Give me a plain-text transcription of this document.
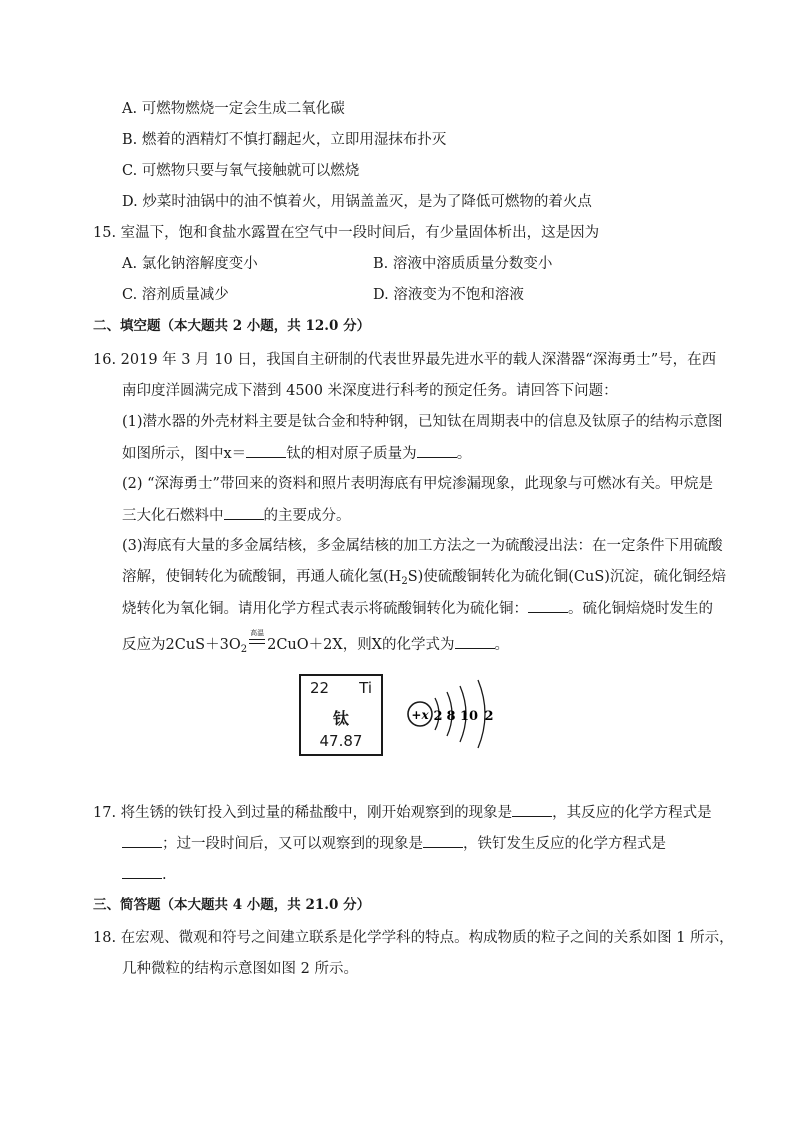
A. 可燃物燃烧一定会生成二氧化碳
B. 燃着的酒精灯不慎打翻起火，立即用湿抹布扑灭
C. 可燃物只要与氧气接触就可以燃烧
D. 炒菜时油锅中的油不慎着火，用锅盖盖灭，是为了降低可燃物的着火点
15. 室温下，饱和食盐水露置在空气中一段时间后，有少量固体析出，这是因为
A. 氯化钠溶解度变小	B. 溶液中溶质质量分数变小
C. 溶剂质量减少	D. 溶液变为不饱和溶液
二、填空题（本大题共 2 小题，共 12.0 分）
16. 2019 年 3 月 10 日，我国自主研制的代表世界最先进水平的载人深潜器“深海勇士”号，在西
南印度洋圆满完成下潜到 4500 米深度进行科考的预定任务。请回答下问题：
(1)潜水器的外壳材料主要是钛合金和特种钢，已知钛在周期表中的信息及钛原子的结构示意图
如图所示，图中x＝	钛的相对原子质量为	。
(2) “深海勇士”带回来的资料和照片表明海底有甲烷渗漏现象，此现象与可燃冰有关。甲烷是
三大化石燃料中	的主要成分。
(3)海底有大量的多金属结核，多金属结核的加工方法之一为硫酸浸出法：在一定条件下用硫酸
溶解，使铜转化为硫酸铜，再通人硫化氢$(H_2S)$使硫酸铜转化为硫化铜(CuS)沉淀，硫化铜经焙
烧转化为氧化铜。请用化学方程式表示将硫酸铜转化为硫化铜：	。硫化铜焙烧时发生的
反应为$2CuS+3O_2$
高温
2CuO＋2X，则X的化学式为	。
22 Ti
钛
47.87
+x 2 8 10 2
17. 将生锈的铁钉投入到过量的稀盐酸中，刚开始观察到的现象是	，其反应的化学方程式是
；过一段时间后，又可以观察到的现象是	，铁钉发生反应的化学方程式是
.
三、简答题（本大题共 4 小题，共 21.0 分）
18. 在宏观、微观和符号之间建立联系是化学学科的特点。构成物质的粒子之间的关系如图 1 所示，
几种微粒的结构示意图如图 2 所示。
